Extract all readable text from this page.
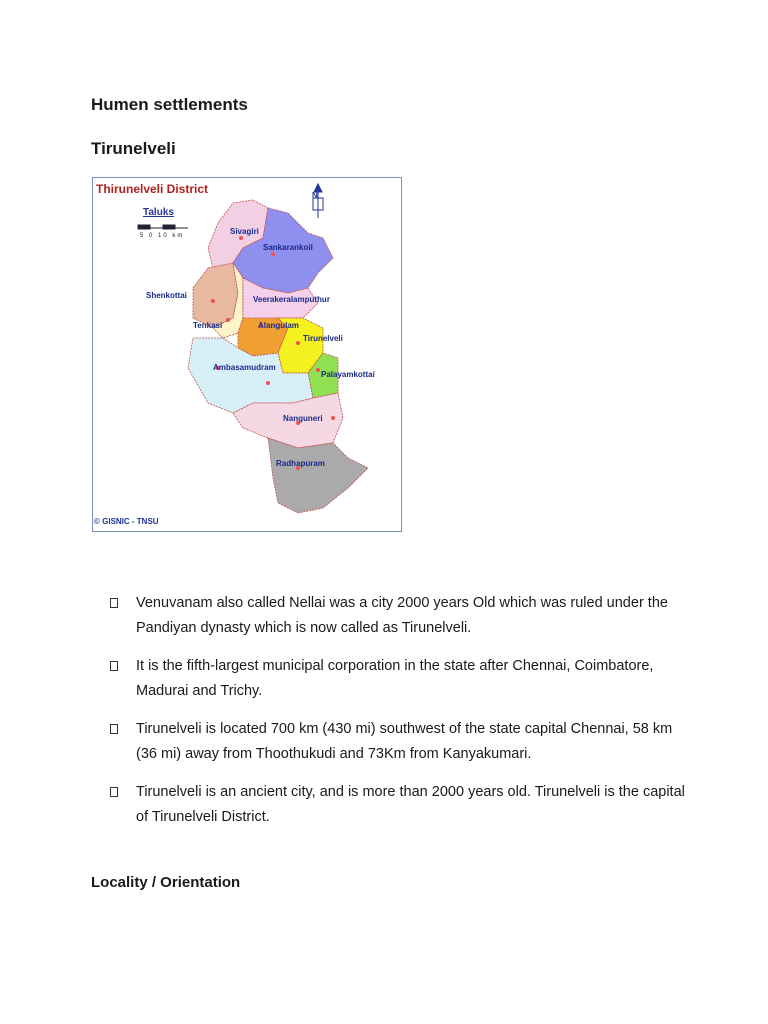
Humen settlements
Tirunelveli
Thirunelveli District
Taluks
5 0 10 km
N
Sivagiri
Sankarankoil
Shenkottai	Veerakeralamputhur
Tenkasi	Alangulam
Tirunelveli
Ambasamudram
Palayamkottai
Nanguneri
Radhapuram
© GISNIC - TNSU
Venuvanam also called Nellai was a city 2000 years Old which was ruled under the Pandiyan dynasty which is now called as Tirunelveli.
It is the fifth-largest municipal corporation in the state after Chennai, Coimbatore, Madurai and Trichy.
Tirunelveli is located 700 km (430 mi) southwest of the state capital Chennai, 58 km (36 mi) away from Thoothukudi and 73Km from Kanyakumari.
Tirunelveli is an ancient city, and is more than 2000 years old. Tirunelveli is the capital of Tirunelveli District.
Locality / Orientation
